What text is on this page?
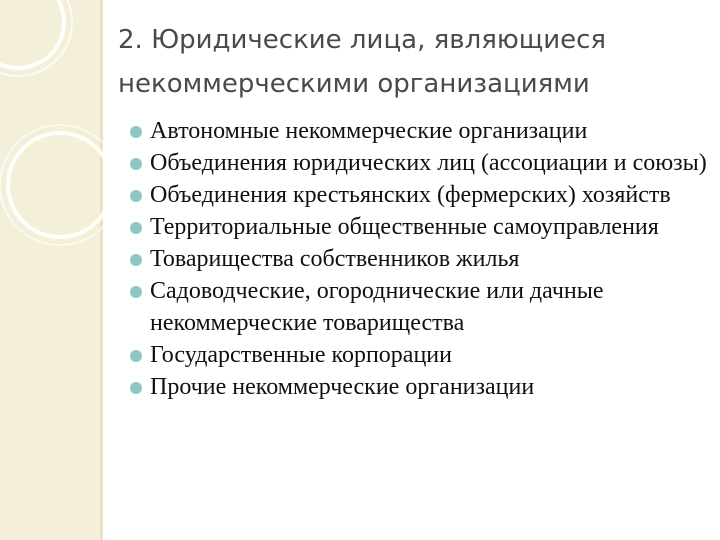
2. Юридические лица, являющиеся
некоммерческими организациями
Автономные некоммерческие организации
Объединения юридических лиц (ассоциации и союзы)
Объединения крестьянских (фермерских) хозяйств
Территориальные общественные самоуправления
Товарищества собственников жилья
Садоводческие, огороднические или дачные некоммерческие товарищества
Государственные корпорации
Прочие некоммерческие организации
